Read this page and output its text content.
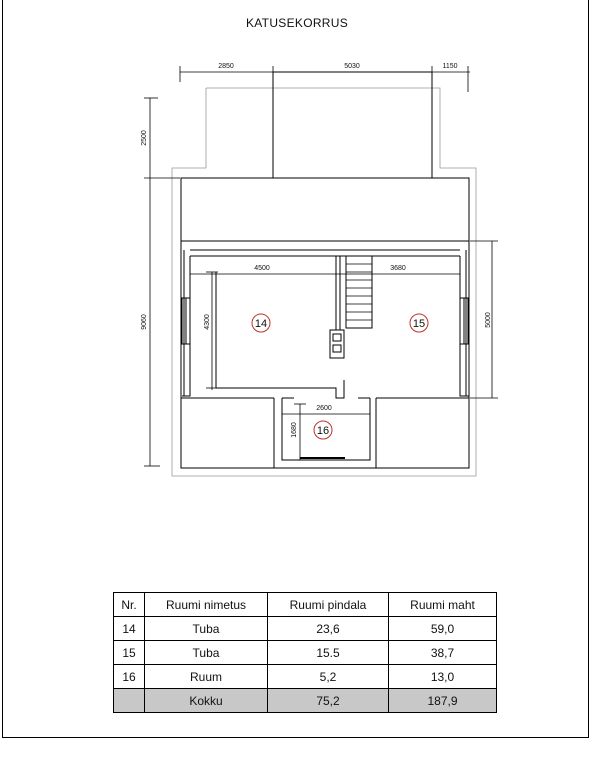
KATUSEKORRUS
2850	5030	1150
2500
9060	5000
4500	3680
4300
2600
1680
14	15
16
Nr.	Ruumi nimetus	Ruumi pindala	Ruumi maht
14	Tuba	23,6	59,0
15	Tuba	15.5	38,7
16	Ruum	5,2	13,0
	Kokku	75,2	187,9
